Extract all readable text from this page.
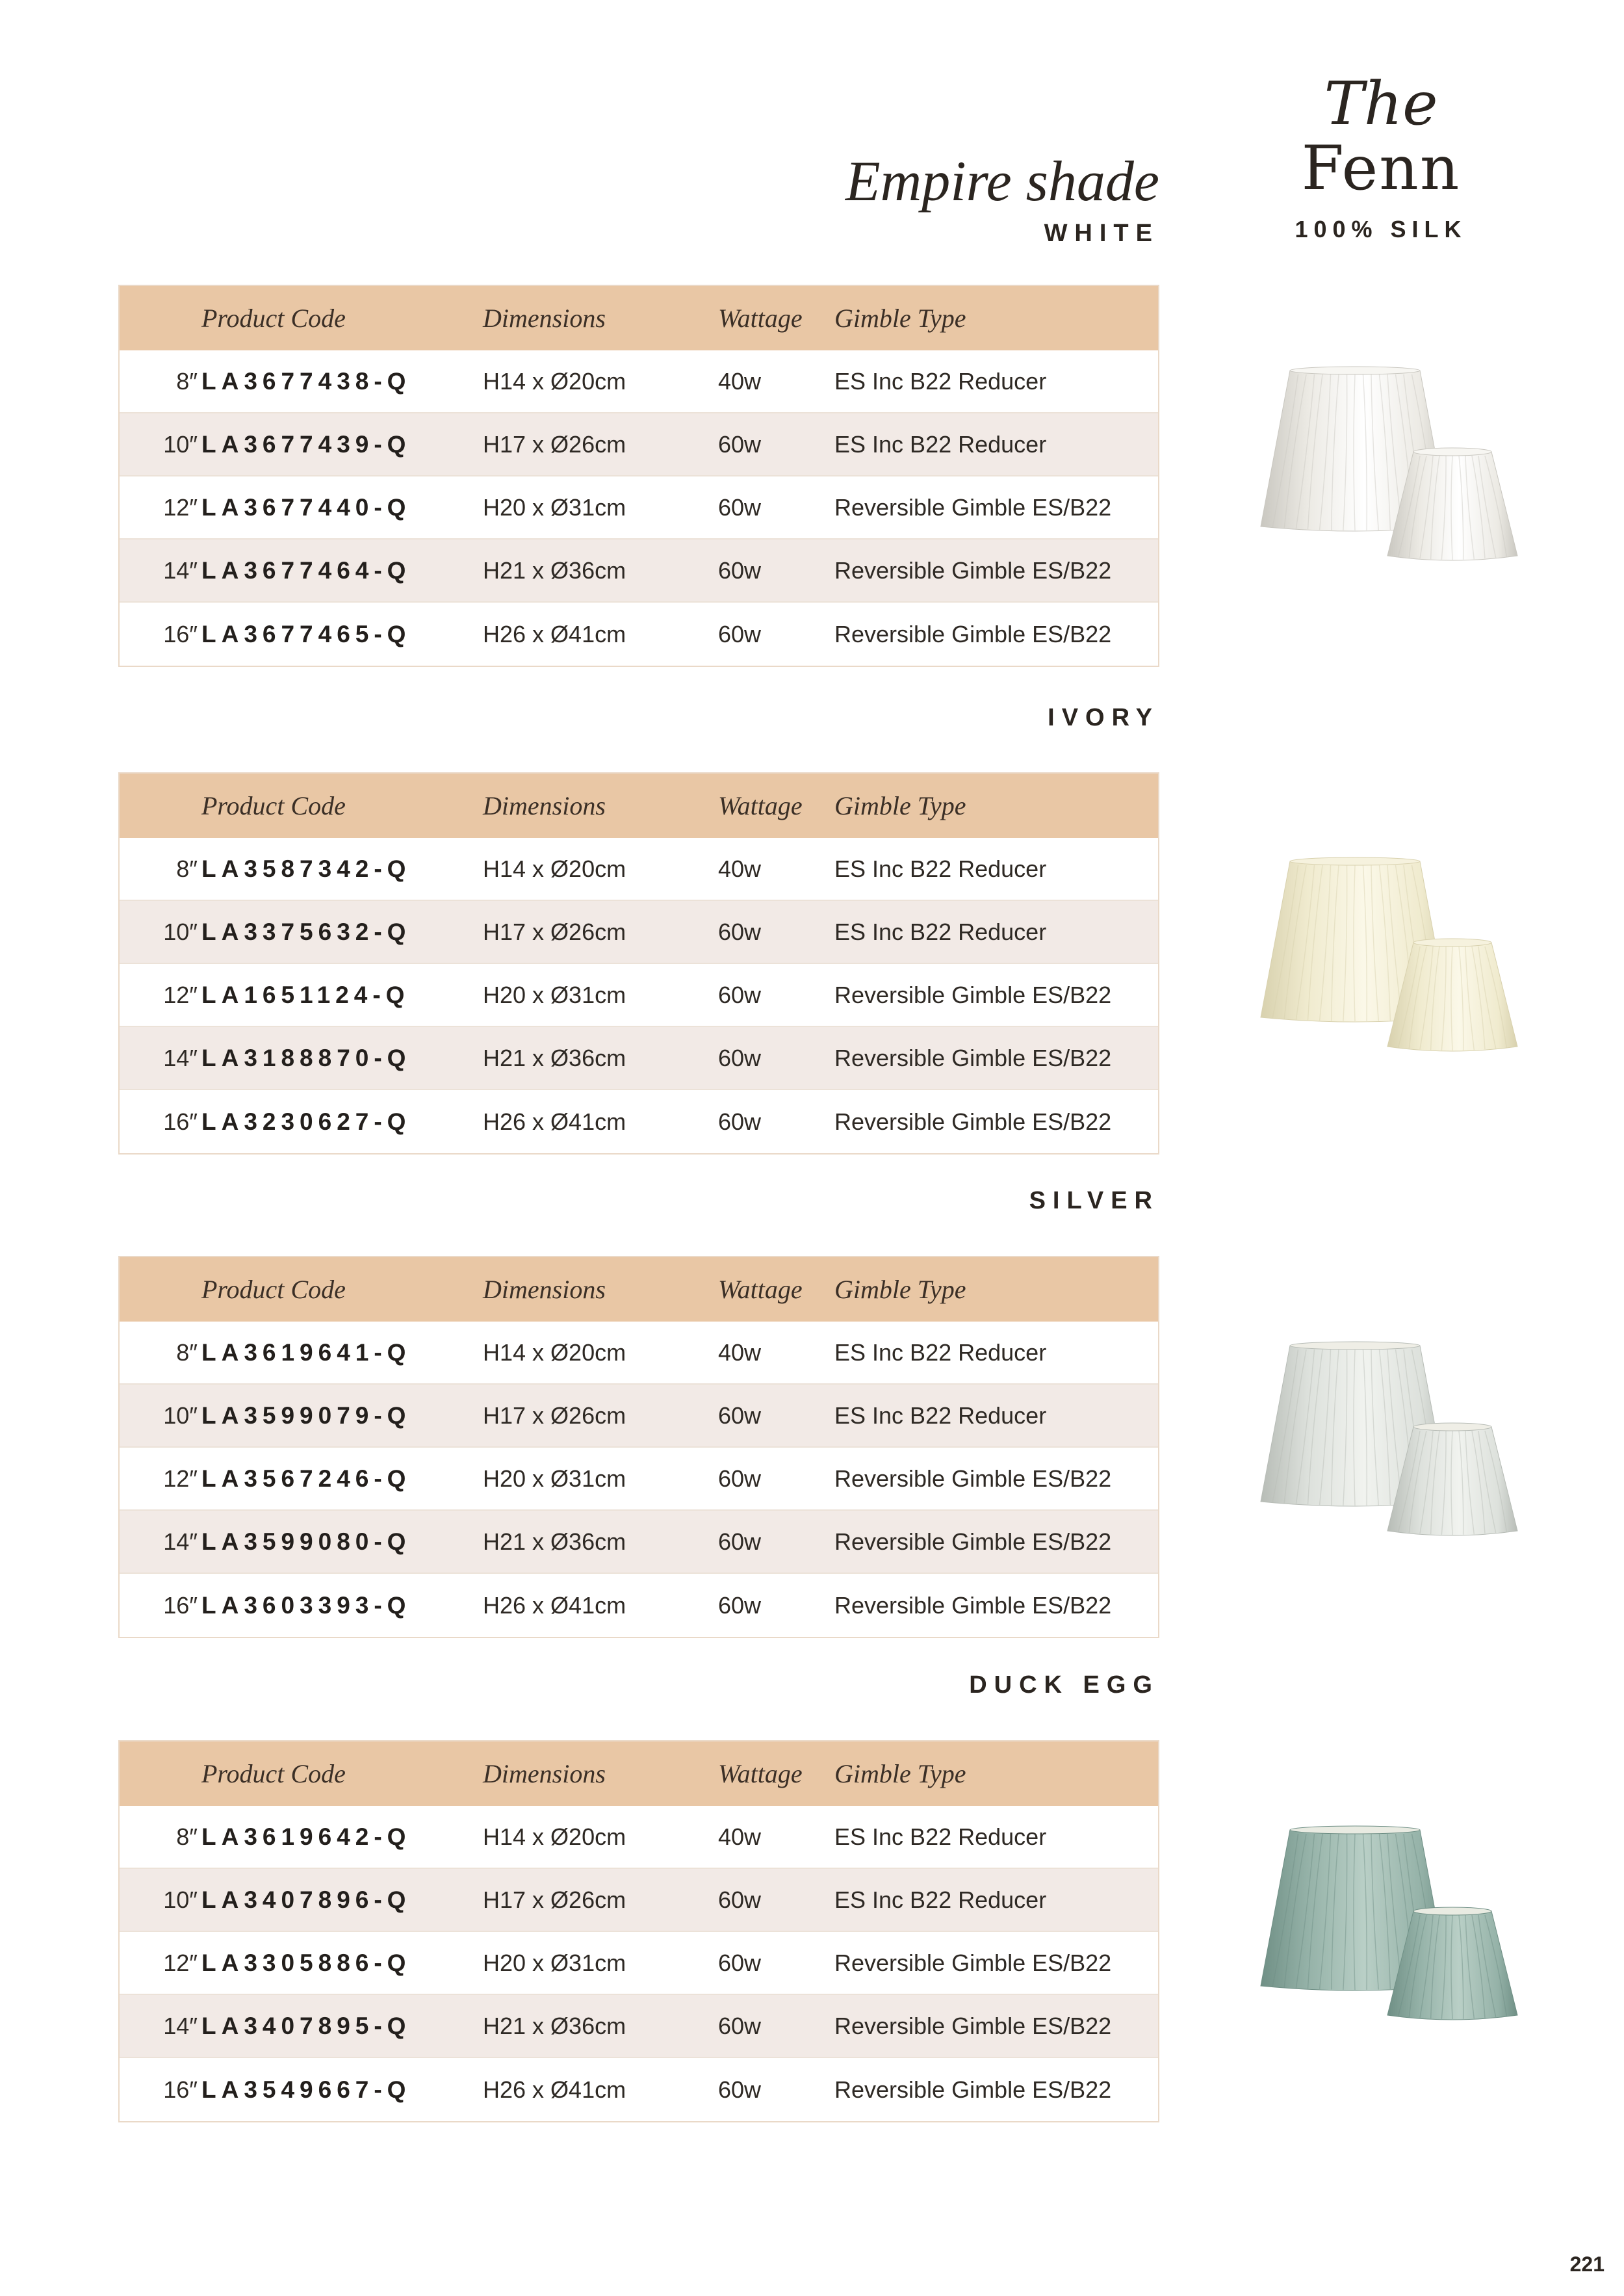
The
Fenn
100% SILK
Empire shade
WHITE
IVORY
SILVER
DUCK EGG
Product Code	Dimensions	Wattage Gimble Type
8″ LA3677438-Q	H14 x Ø20cm	40w	ES Inc B22 Reducer
10″ LA3677439-Q	H17 x Ø26cm	60w	ES Inc B22 Reducer
12″ LA3677440-Q	H20 x Ø31cm	60w	Reversible Gimble ES/B22
14″ LA3677464-Q	H21 x Ø36cm	60w	Reversible Gimble ES/B22
16″ LA3677465-Q	H26 x Ø41cm	60w	Reversible Gimble ES/B22
Product Code	Dimensions	Wattage Gimble Type
8″ LA3587342-Q	H14 x Ø20cm	40w	ES Inc B22 Reducer
10″ LA3375632-Q	H17 x Ø26cm	60w	ES Inc B22 Reducer
12″ LA1651124-Q	H20 x Ø31cm	60w	Reversible Gimble ES/B22
14″ LA3188870-Q	H21 x Ø36cm	60w	Reversible Gimble ES/B22
16″ LA3230627-Q	H26 x Ø41cm	60w	Reversible Gimble ES/B22
Product Code	Dimensions	Wattage Gimble Type
8″ LA3619641-Q	H14 x Ø20cm	40w	ES Inc B22 Reducer
10″ LA3599079-Q	H17 x Ø26cm	60w	ES Inc B22 Reducer
12″ LA3567246-Q	H20 x Ø31cm	60w	Reversible Gimble ES/B22
14″ LA3599080-Q	H21 x Ø36cm	60w	Reversible Gimble ES/B22
16″ LA3603393-Q	H26 x Ø41cm	60w	Reversible Gimble ES/B22
Product Code	Dimensions	Wattage Gimble Type
8″ LA3619642-Q	H14 x Ø20cm	40w	ES Inc B22 Reducer
10″ LA3407896-Q	H17 x Ø26cm	60w	ES Inc B22 Reducer
12″ LA3305886-Q	H20 x Ø31cm	60w	Reversible Gimble ES/B22
14″ LA3407895-Q	H21 x Ø36cm	60w	Reversible Gimble ES/B22
16″ LA3549667-Q	H26 x Ø41cm	60w	Reversible Gimble ES/B22
221
